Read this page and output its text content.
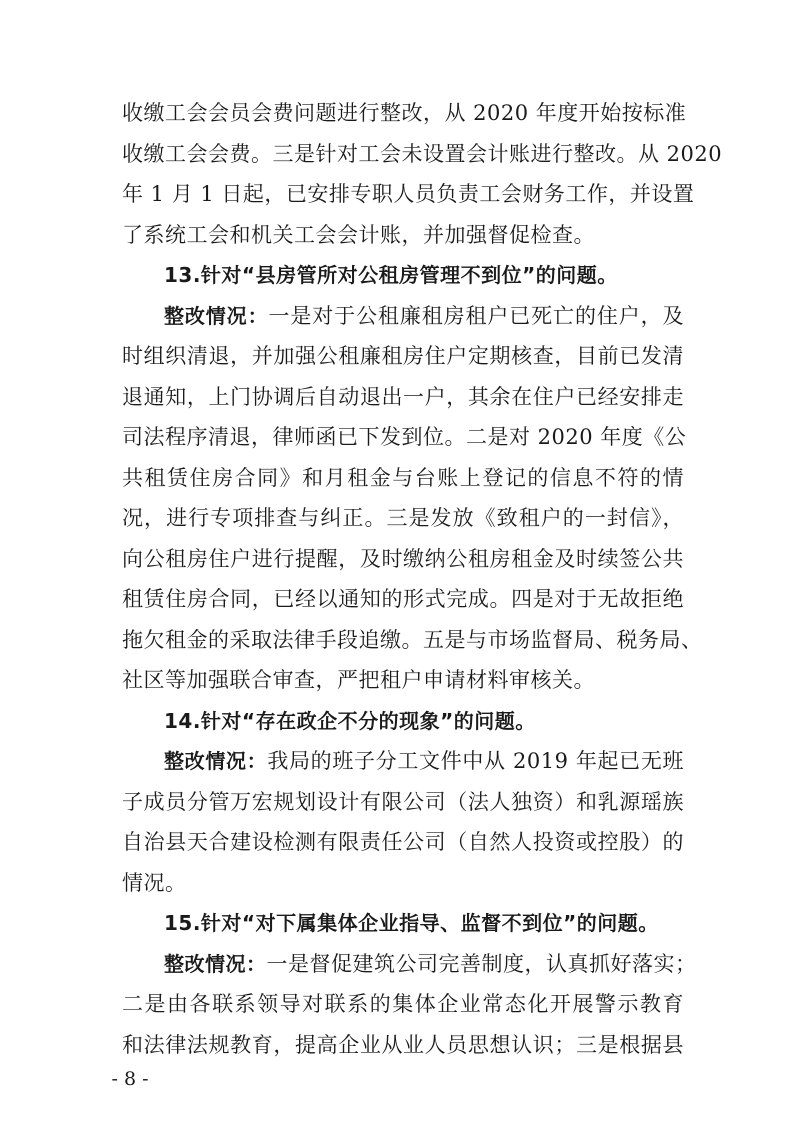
收缴工会会员会费问题进行整改，从 2020 年度开始按标准
收缴工会会费。三是针对工会未设置会计账进行整改。从 2020
年 1 月 1 日起，已安排专职人员负责工会财务工作，并设置
了系统工会和机关工会会计账，并加强督促检查。
13.针对“县房管所对公租房管理不到位”的问题。
整改情况：一是对于公租廉租房租户已死亡的住户，及
时组织清退，并加强公租廉租房住户定期核查，目前已发清
退通知，上门协调后自动退出一户，其余在住户已经安排走
司法程序清退，律师函已下发到位。二是对 2020 年度《公
共租赁住房合同》和月租金与台账上登记的信息不符的情
况，进行专项排查与纠正。三是发放《致租户的一封信》，
向公租房住户进行提醒，及时缴纳公租房租金及时续签公共
租赁住房合同，已经以通知的形式完成。四是对于无故拒绝
拖欠租金的采取法律手段追缴。五是与市场监督局、税务局、
社区等加强联合审查，严把租户申请材料审核关。
14.针对“存在政企不分的现象”的问题。
整改情况：我局的班子分工文件中从 2019 年起已无班
子成员分管万宏规划设计有限公司（法人独资）和乳源瑶族
自治县天合建设检测有限责任公司（自然人投资或控股）的
情况。
15.针对“对下属集体企业指导、监督不到位”的问题。
整改情况：一是督促建筑公司完善制度，认真抓好落实；
二是由各联系领导对联系的集体企业常态化开展警示教育
和法律法规教育，提高企业从业人员思想认识；三是根据县
- 8 -
